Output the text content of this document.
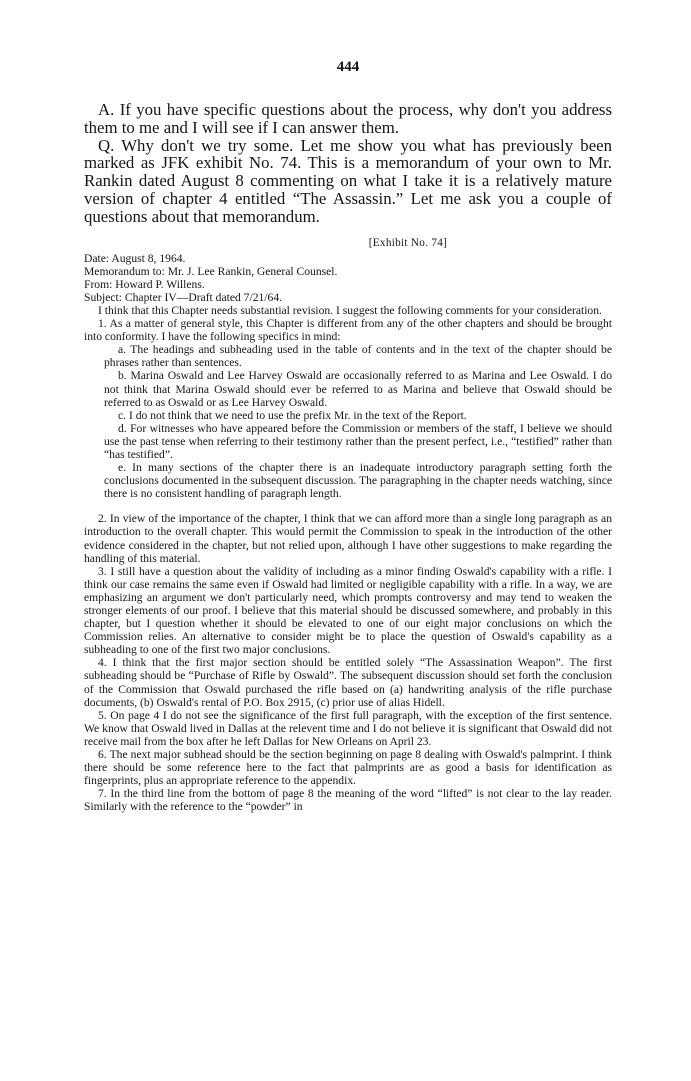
444

A. If you have specific questions about the process, why don't you address them to me and I will see if I can answer them.

Q. Why don't we try some. Let me show you what has previously been marked as JFK exhibit No. 74. This is a memorandum of your own to Mr. Rankin dated August 8 commenting on what I take it is a relatively mature version of chapter 4 entitled “The Assassin.” Let me ask you a couple of questions about that memorandum.

[Exhibit No. 74]
Date: August 8, 1964.
Memorandum to: Mr. J. Lee Rankin, General Counsel.
From: Howard P. Willens.
Subject: Chapter IV—Draft dated 7/21/64.

I think that this Chapter needs substantial revision. I suggest the following comments for your consideration.

1. As a matter of general style, this Chapter is different from any of the other chapters and should be brought into conformity. I have the following specifics in mind:

a. The headings and subheading used in the table of contents and in the text of the chapter should be phrases rather than sentences.

b. Marina Oswald and Lee Harvey Oswald are occasionally referred to as Marina and Lee Oswald. I do not think that Marina Oswald should ever be referred to as Marina and believe that Oswald should be referred to as Oswald or as Lee Harvey Oswald.

c. I do not think that we need to use the prefix Mr. in the text of the Report.

d. For witnesses who have appeared before the Commission or members of the staff, I believe we should use the past tense when referring to their testimony rather than the present perfect, i.e., “testified” rather than “has testified”.

e. In many sections of the chapter there is an inadequate introductory paragraph setting forth the conclusions documented in the subsequent discussion. The paragraphing in the chapter needs watching, since there is no consistent handling of paragraph length.

2. In view of the importance of the chapter, I think that we can afford more than a single long paragraph as an introduction to the overall chapter. This would permit the Commission to speak in the introduction of the other evidence considered in the chapter, but not relied upon, although I have other suggestions to make regarding the handling of this material.

3. I still have a question about the validity of including as a minor finding Oswald's capability with a rifle. I think our case remains the same even if Oswald had limited or negligible capability with a rifle. In a way, we are emphasizing an argument we don't particularly need, which prompts controversy and may tend to weaken the stronger elements of our proof. I believe that this material should be discussed somewhere, and probably in this chapter, but I question whether it should be elevated to one of our eight major conclusions on which the Commission relies. An alternative to consider might be to place the question of Oswald's capability as a subheading to one of the first two major conclusions.

4. I think that the first major section should be entitled solely “The Assassination Weapon”. The first subheading should be “Purchase of Rifle by Oswald”. The subsequent discussion should set forth the conclusion of the Commission that Oswald purchased the rifle based on (a) handwriting analysis of the rifle purchase documents, (b) Oswald's rental of P.O. Box 2915, (c) prior use of alias Hidell.

5. On page 4 I do not see the significance of the first full paragraph, with the exception of the first sentence. We know that Oswald lived in Dallas at the relevent time and I do not believe it is significant that Oswald did not receive mail from the box after he left Dallas for New Orleans on April 23.

6. The next major subhead should be the section beginning on page 8 dealing with Oswald's palmprint. I think there should be some reference here to the fact that palmprints are as good a basis for identification as fingerprints, plus an appropriate reference to the appendix.

7. In the third line from the bottom of page 8 the meaning of the word “lifted” is not clear to the lay reader. Similarly with the reference to the “powder” in
